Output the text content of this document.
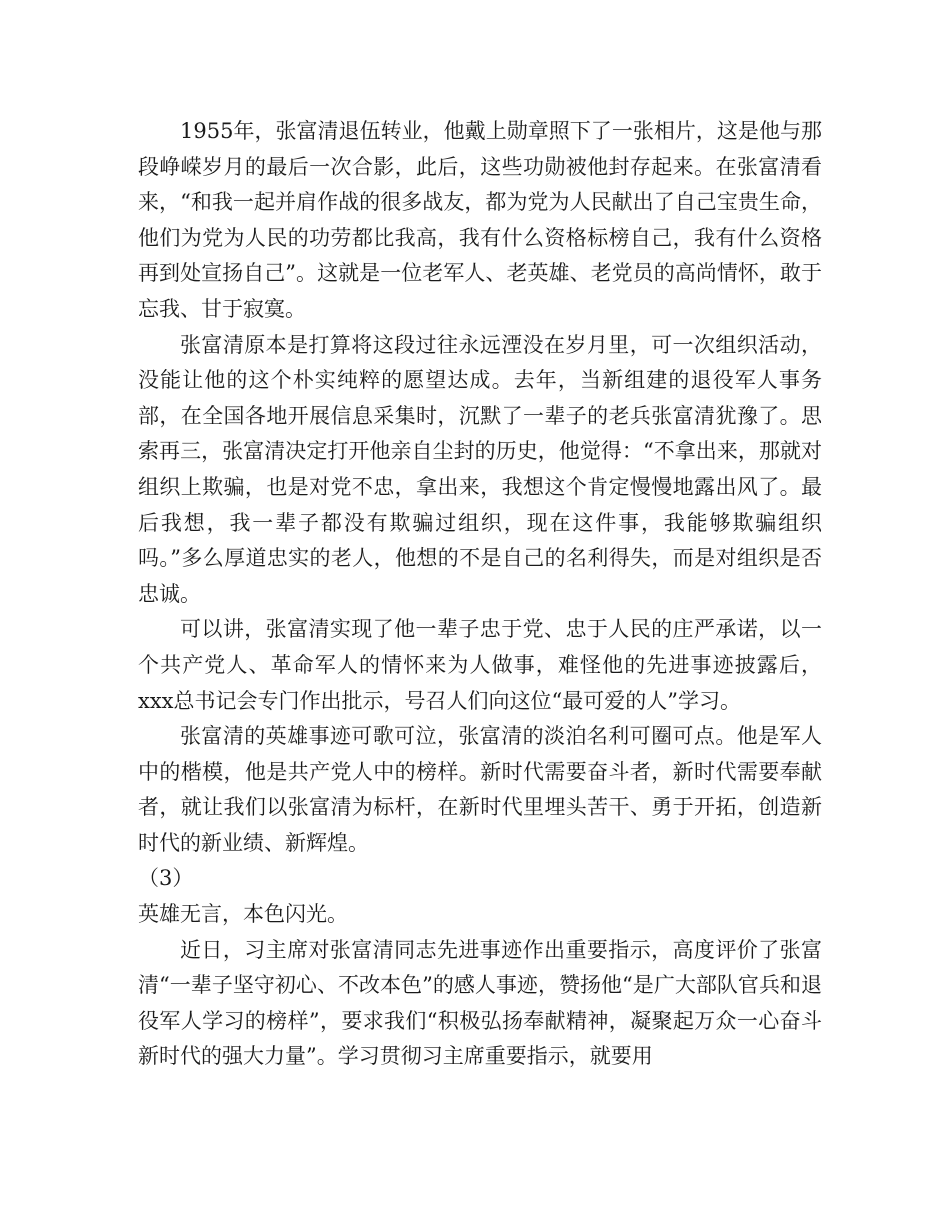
1955年，张富清退伍转业，他戴上勋章照下了一张相片，这是他与那段峥嵘岁月的最后一次合影，此后，这些功勋被他封存起来。在张富清看来，“和我一起并肩作战的很多战友，都为党为人民献出了自己宝贵生命，他们为党为人民的功劳都比我高，我有什么资格标榜自己，我有什么资格再到处宣扬自己”。这就是一位老军人、老英雄、老党员的高尚情怀，敢于忘我、甘于寂寞。

张富清原本是打算将这段过往永远湮没在岁月里，可一次组织活动，没能让他的这个朴实纯粹的愿望达成。去年，当新组建的退役军人事务部，在全国各地开展信息采集时，沉默了一辈子的老兵张富清犹豫了。思索再三，张富清决定打开他亲自尘封的历史，他觉得：“不拿出来，那就对组织上欺骗，也是对党不忠，拿出来，我想这个肯定慢慢地露出风了。最后我想，我一辈子都没有欺骗过组织，现在这件事，我能够欺骗组织吗。”多么厚道忠实的老人，他想的不是自己的名利得失，而是对组织是否忠诚。

可以讲，张富清实现了他一辈子忠于党、忠于人民的庄严承诺，以一个共产党人、革命军人的情怀来为人做事，难怪他的先进事迹披露后，xxx总书记会专门作出批示，号召人们向这位“最可爱的人”学习。

张富清的英雄事迹可歌可泣，张富清的淡泊名利可圈可点。他是军人中的楷模，他是共产党人中的榜样。新时代需要奋斗者，新时代需要奉献者，就让我们以张富清为标杆，在新时代里埋头苦干、勇于开拓，创造新时代的新业绩、新辉煌。

（3）

英雄无言，本色闪光。

近日，习主席对张富清同志先进事迹作出重要指示，高度评价了张富清“一辈子坚守初心、不改本色”的感人事迹，赞扬他“是广大部队官兵和退役军人学习的榜样”，要求我们“积极弘扬奉献精神，凝聚起万众一心奋斗新时代的强大力量”。学习贯彻习主席重要指示，就要用
